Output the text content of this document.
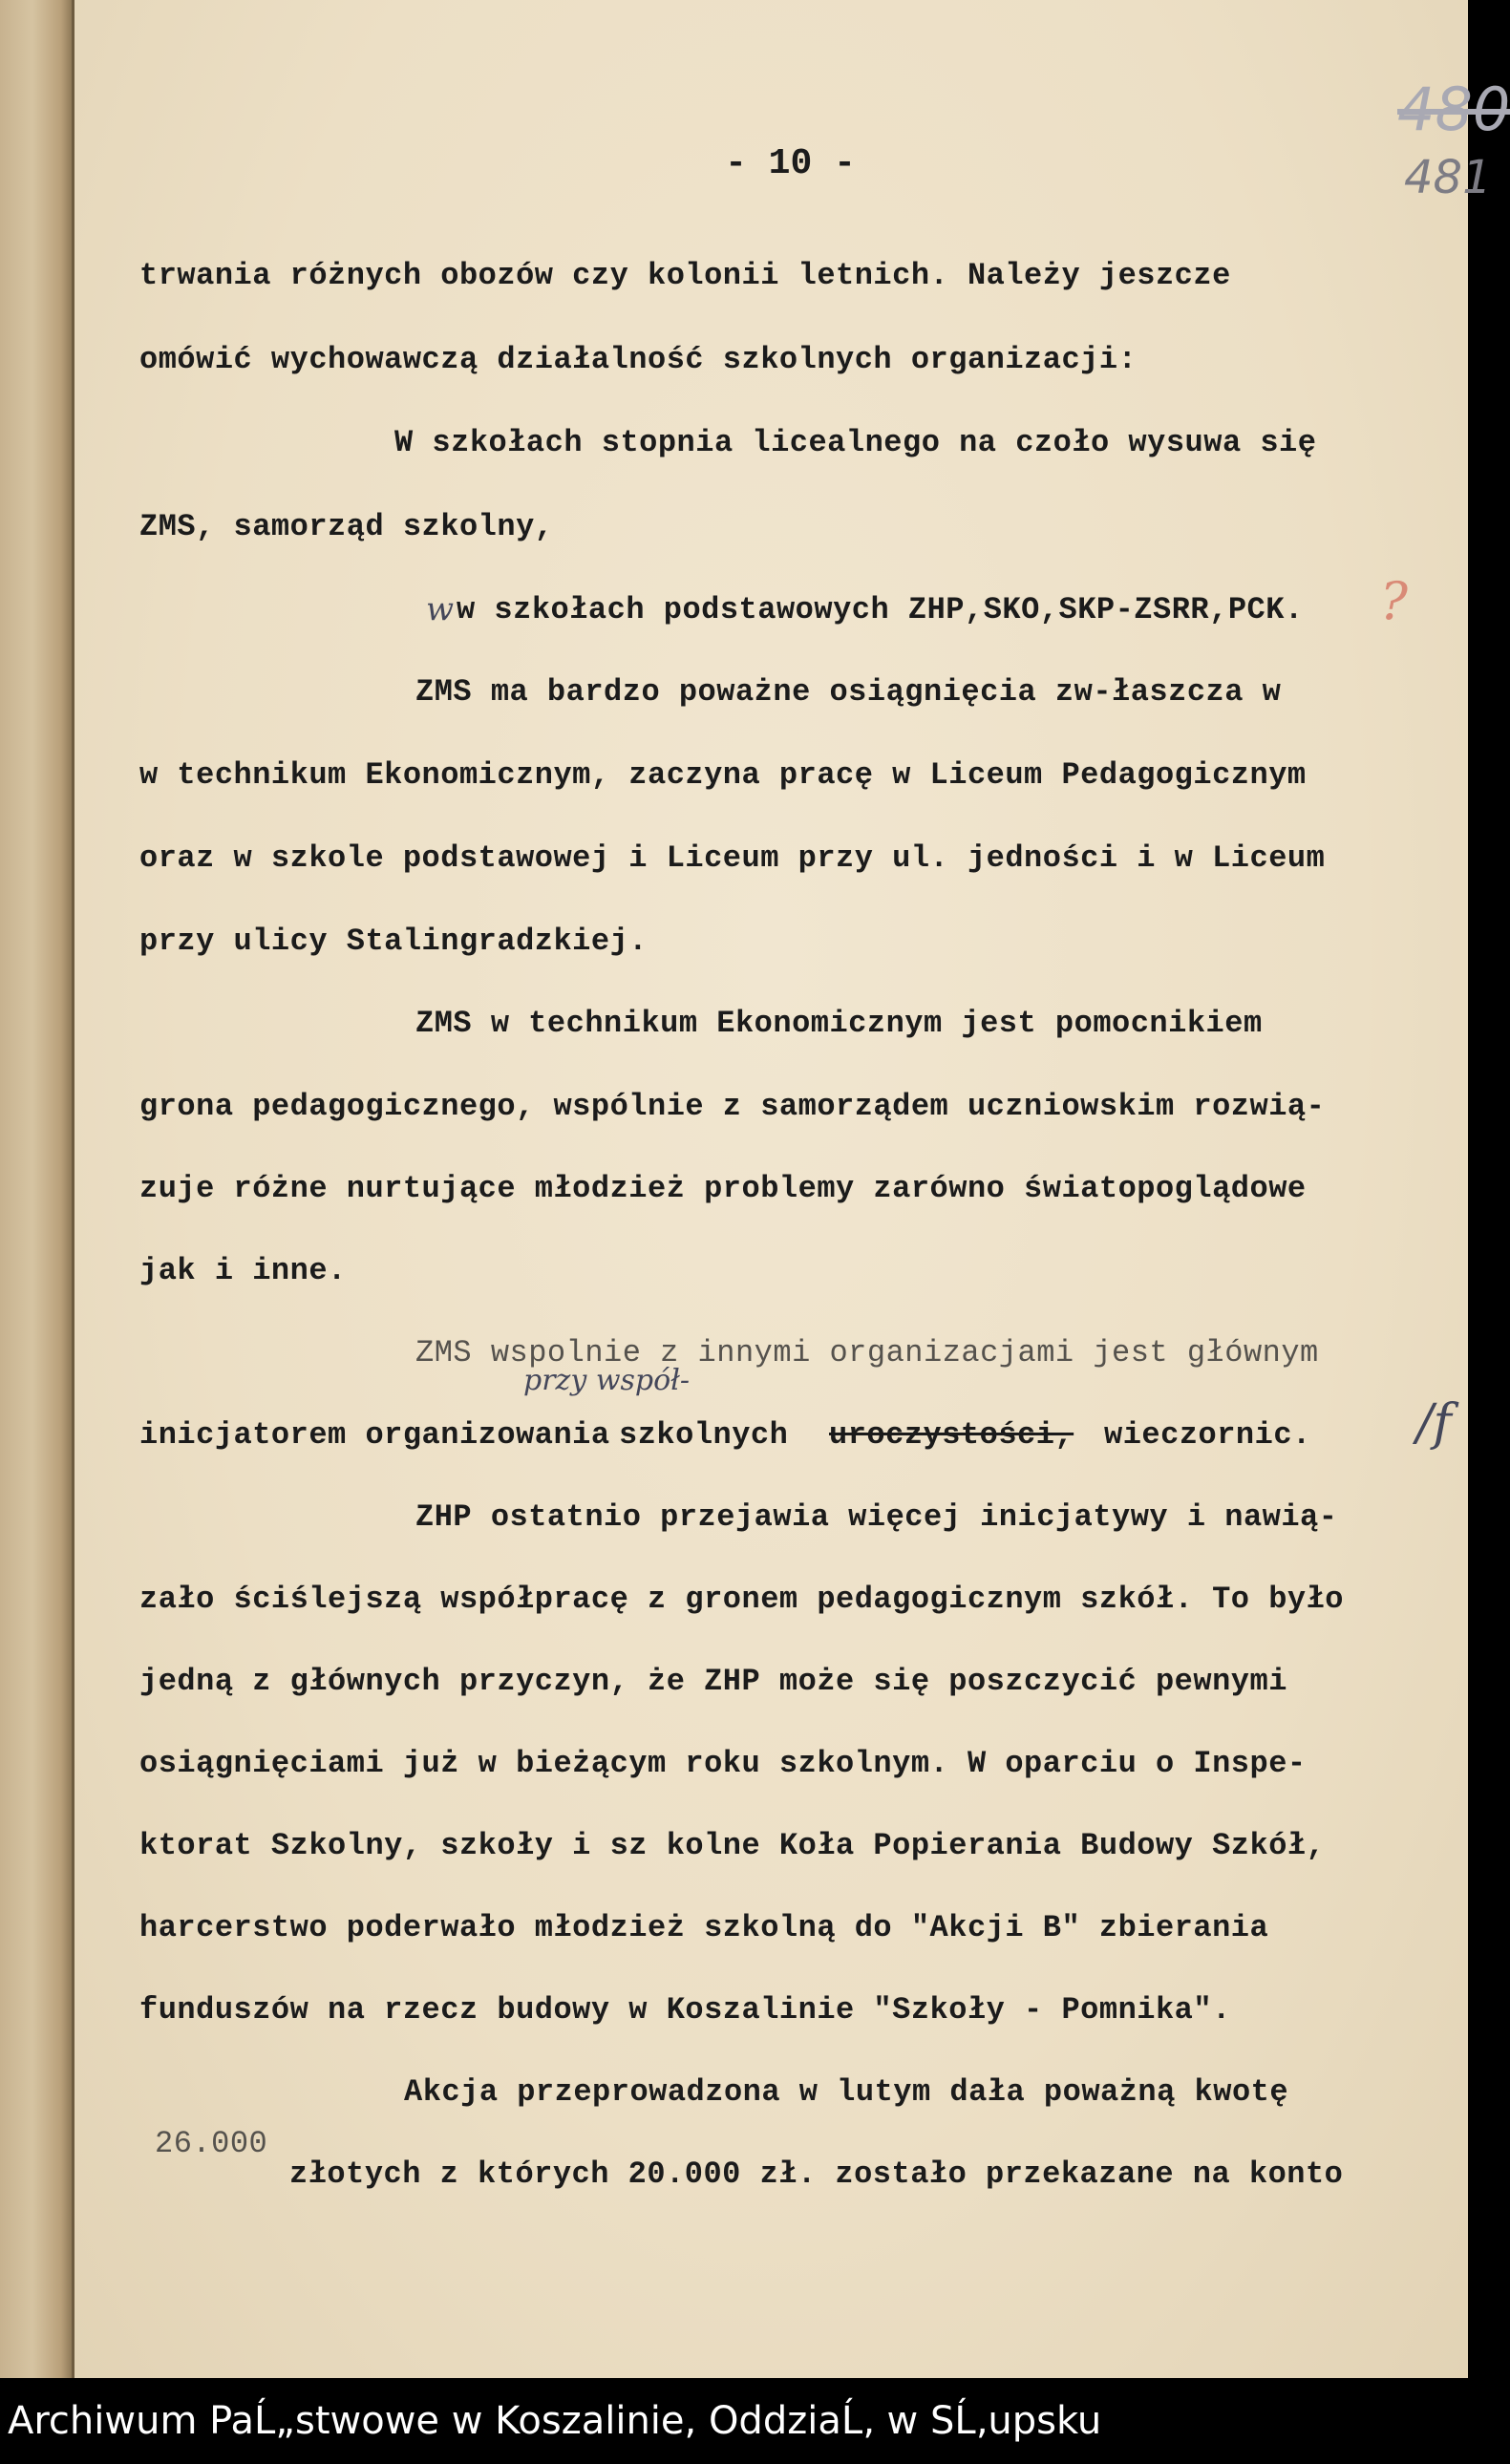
480
481
- 10 -
trwania różnych obozów czy kolonii letnich. Należy jeszcze
omówić wychowawczą działalność szkolnych organizacji:
W szkołach stopnia licealnego na czoło wysuwa się
ZMS, samorząd szkolny,
w w szkołach podstawowych ZHP,SKO,SKP-ZSRR,PCK. ?
ZMS ma bardzo poważne osiągnięcia zw-łaszcza w
w technikum Ekonomicznym, zaczyna pracę w Liceum Pedagogicznym
oraz w szkole podstawowej i Liceum przy ul. jedności i w Liceum
przy ulicy Stalingradzkiej.
ZMS w technikum Ekonomicznym jest pomocnikiem
grona pedagogicznego, wspólnie z samorządem uczniowskim rozwią-
zuje różne nurtujące młodzież problemy zarówno światopoglądowe
jak i inne.
ZMS wspolnie z innymi organizacjami jest głównym
przy współ-
inicjatorem organizowania szkolnych uroczystości, wieczornic. /f
ZHP ostatnio przejawia więcej inicjatywy i nawią-
zało ściślejszą współpracę z gronem pedagogicznym szkół. To było
jedną z głównych przyczyn, że ZHP może się poszczycić pewnymi
osiągnięciami już w bieżącym roku szkolnym. W oparciu o Inspe-
ktorat Szkolny, szkoły i sz kolne Koła Popierania Budowy Szkół,
harcerstwo poderwało młodzież szkolną do "Akcji B" zbierania
funduszów na rzecz budowy w Koszalinie "Szkoły - Pomnika".
Akcja przeprowadzona w lutym dała poważną kwotę
26.000
złotych z których 20.000 zł. zostało przekazane na konto
Archiwum PaĹ„stwowe w Koszalinie, OddziaĹ‚ w SĹ‚upsku
